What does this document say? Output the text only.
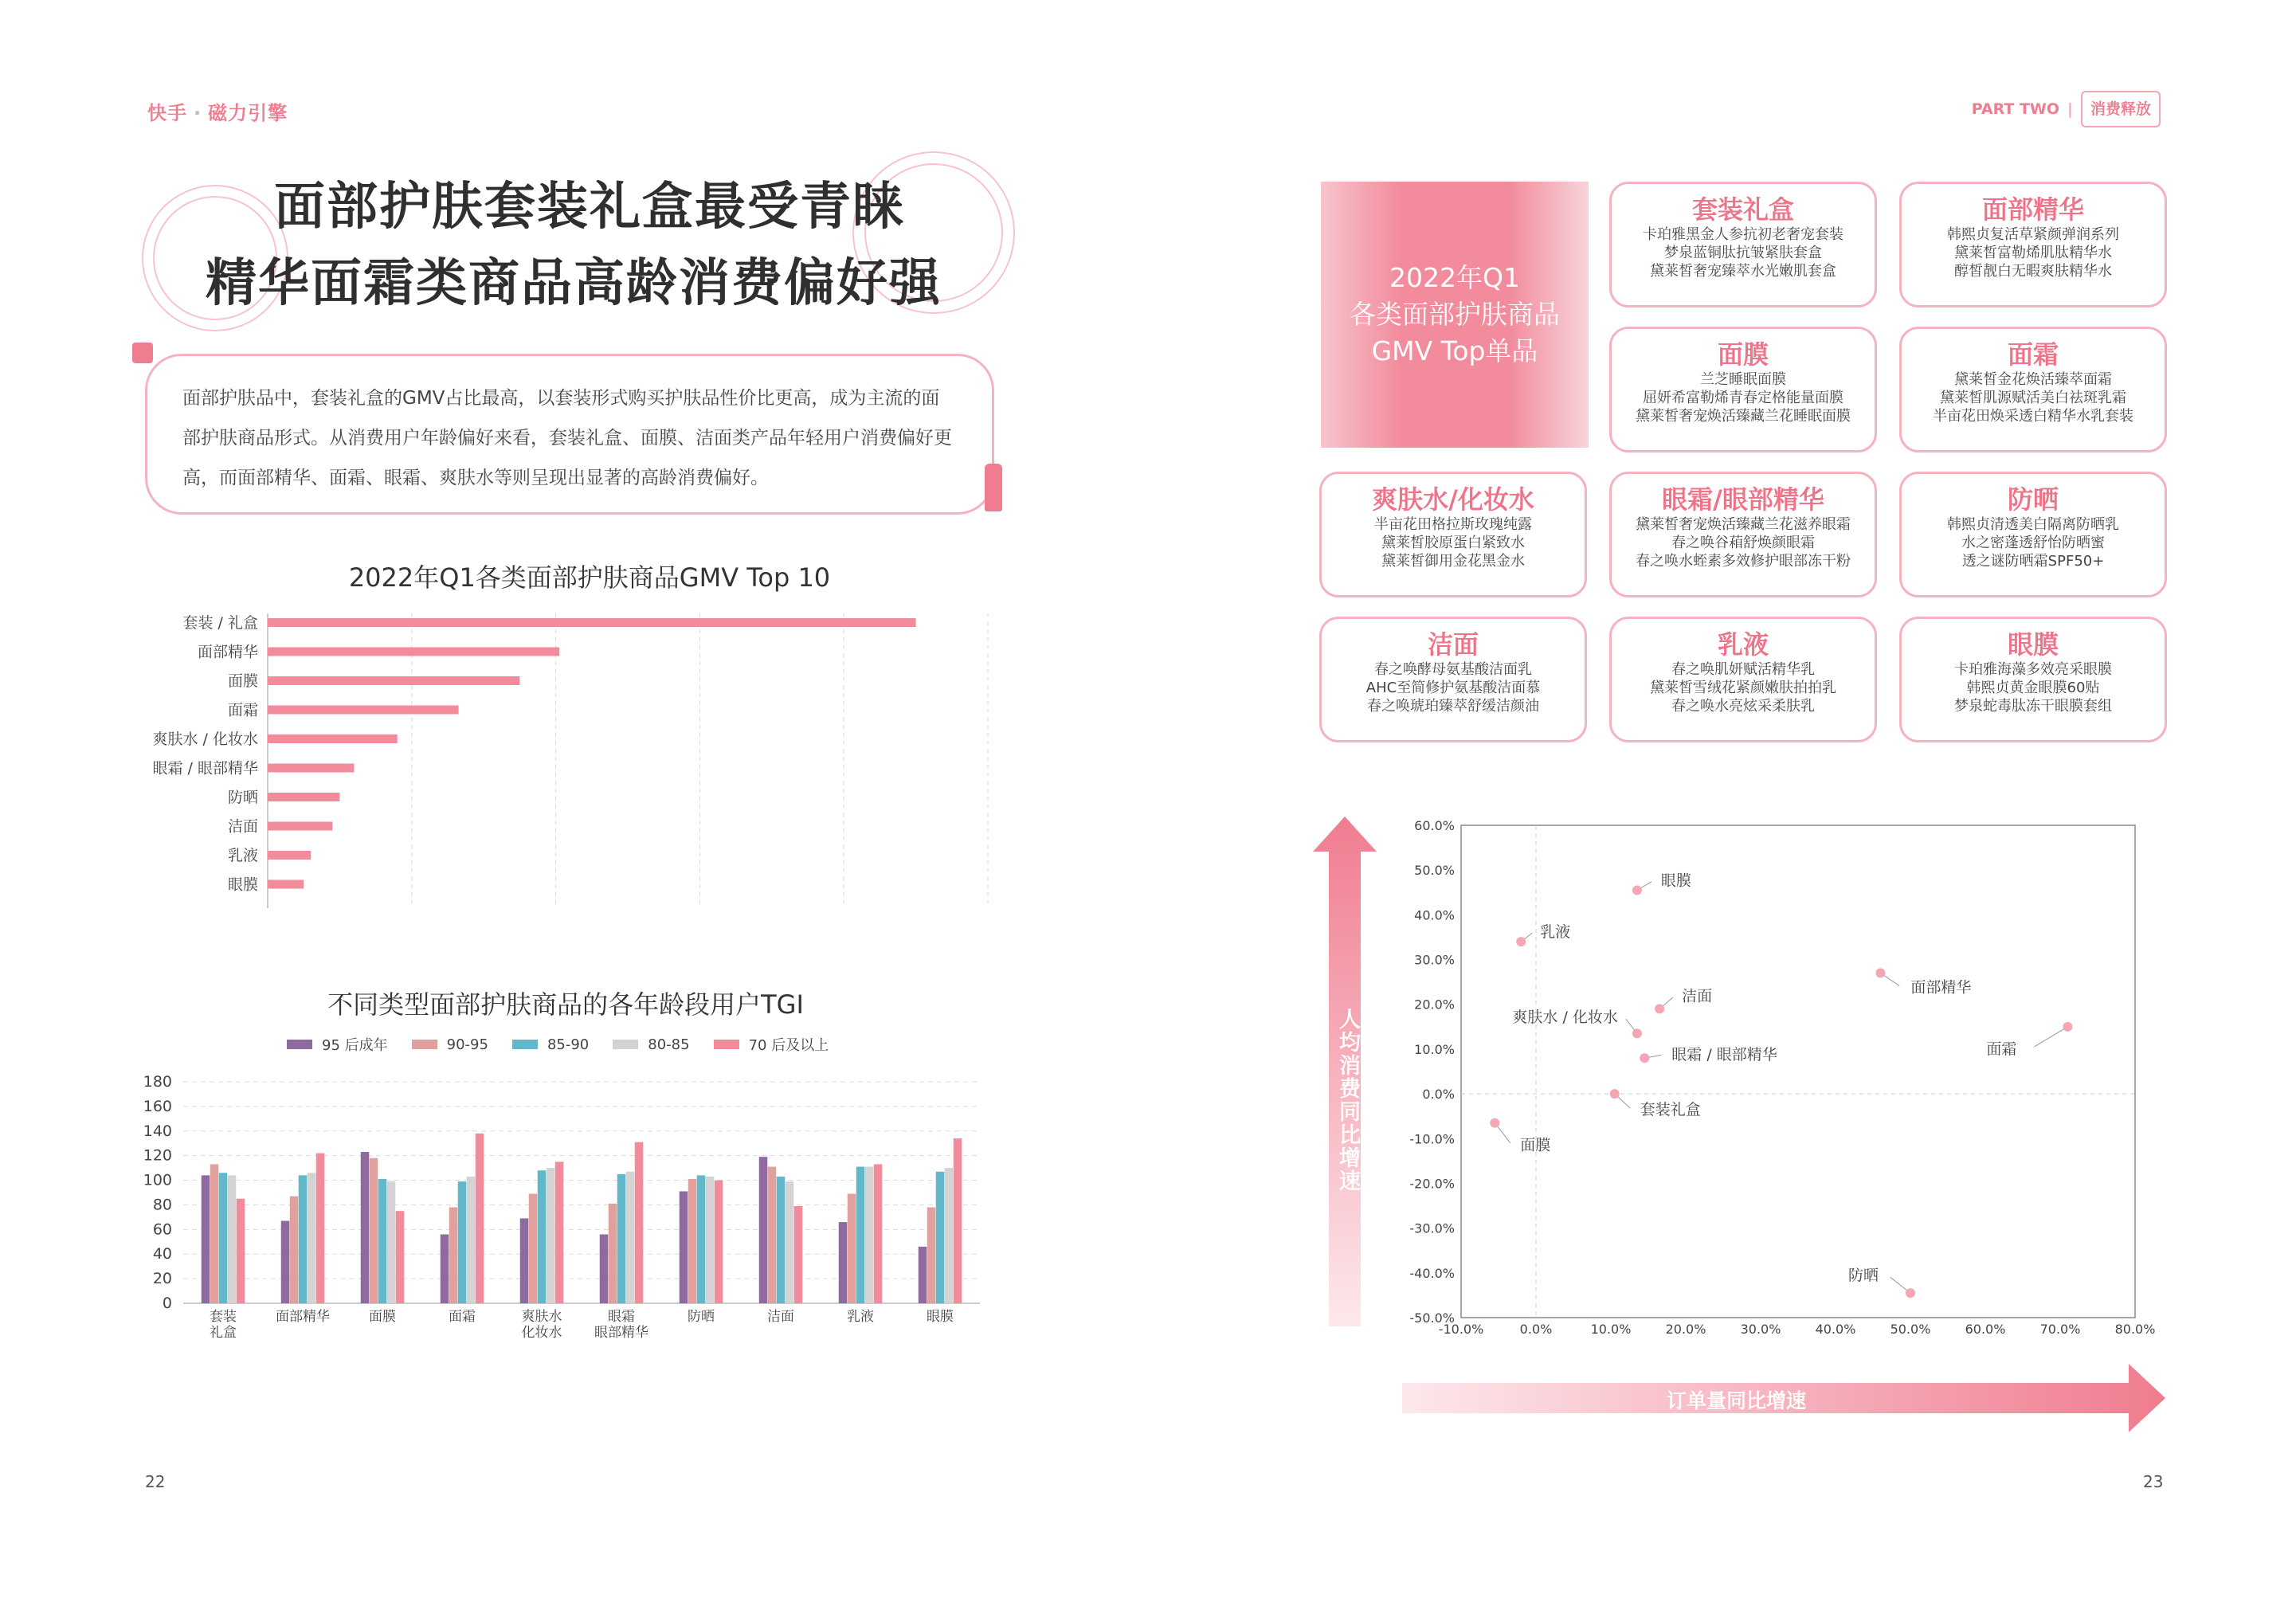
快手 · 磁力引擎	PART TWO | 消费释放
面部护肤套装礼盒最受青睐
精华面霜类商品高龄消费偏好强
面部护肤品中，套装礼盒的GMV占比最高，以套装形式购买护肤品性价比更高，成为主流的面部护肤商品形式。从消费用户年龄偏好来看，套装礼盒、面膜、洁面类产品年轻用户消费偏好更高，而面部精华、面霜、眼霜、爽肤水等则呈现出显著的高龄消费偏好。
2022年Q1各类面部护肤商品GMV Top 10
套装 / 礼盒
面部精华
面膜
面霜
爽肤水 / 化妆水
眼霜 / 眼部精华
防晒
洁面
乳液
眼膜
不同类型面部护肤商品的各年龄段用户TGI
95 后成年	90-95	85-90	80-85	70 后及以上
180
160
140
120
100
80
60
40
20
0
套装
礼盒
面部精华	面膜	面霜	爽肤水
化妆水
眼霜
眼部精华
防晒	洁面	乳液	眼膜
22	23
2022年Q1
各类面部护肤商品
GMV Top单品
套装礼盒
卡珀雅黑金人参抗初老奢宠套装
梦泉蓝铜肽抗皱紧肤套盒
黛莱皙奢宠臻萃水光嫩肌套盒
面部精华
韩熙贞复活草紧颜弹润系列
黛莱皙富勒烯肌肽精华水
醇皙靓白无暇爽肤精华水
面膜
兰芝睡眠面膜
屈妍希富勒烯青春定格能量面膜
黛莱皙奢宠焕活臻藏兰花睡眠面膜
面霜
黛莱皙金花焕活臻萃面霜
黛莱皙肌源赋活美白祛斑乳霜
半亩花田焕采透白精华水乳套装
爽肤水/化妆水
半亩花田格拉斯玫瑰纯露
黛莱皙胶原蛋白紧致水
黛莱皙御用金花黑金水
眼霜/眼部精华
黛莱皙奢宠焕活臻藏兰花滋养眼霜
春之唤谷葙舒焕颜眼霜
春之唤水蛭素多效修护眼部冻干粉
防晒
韩熙贞清透美白隔离防晒乳
水之密蓬透舒怡防晒蜜
透之谜防晒霜SPF50+
洁面
春之唤酵母氨基酸洁面乳
AHC至简修护氨基酸洁面慕
春之唤琥珀臻萃舒缓洁颜油
乳液
春之唤肌妍赋活精华乳
黛莱皙雪绒花紧颜嫩肤拍拍乳
春之唤水亮炫采柔肤乳
眼膜
卡珀雅海藻多效亮采眼膜
韩熙贞黄金眼膜60贴
梦泉蛇毒肽冻干眼膜套组
人均消费同比增速
订单量同比增速
60.0%
50.0%
40.0%
30.0%
20.0%
10.0%
0.0%
-10.0%
-20.0%
-30.0%
-40.0%
-50.0%
-10.0%	0.0%	10.0%	20.0%	30.0%	40.0%	50.0%	60.0%	70.0%	80.0%
眼膜
乳液
洁面
爽肤水 / 化妆水
眼霜 / 眼部精华
套装礼盒
面部精华
面霜
面膜
防晒
